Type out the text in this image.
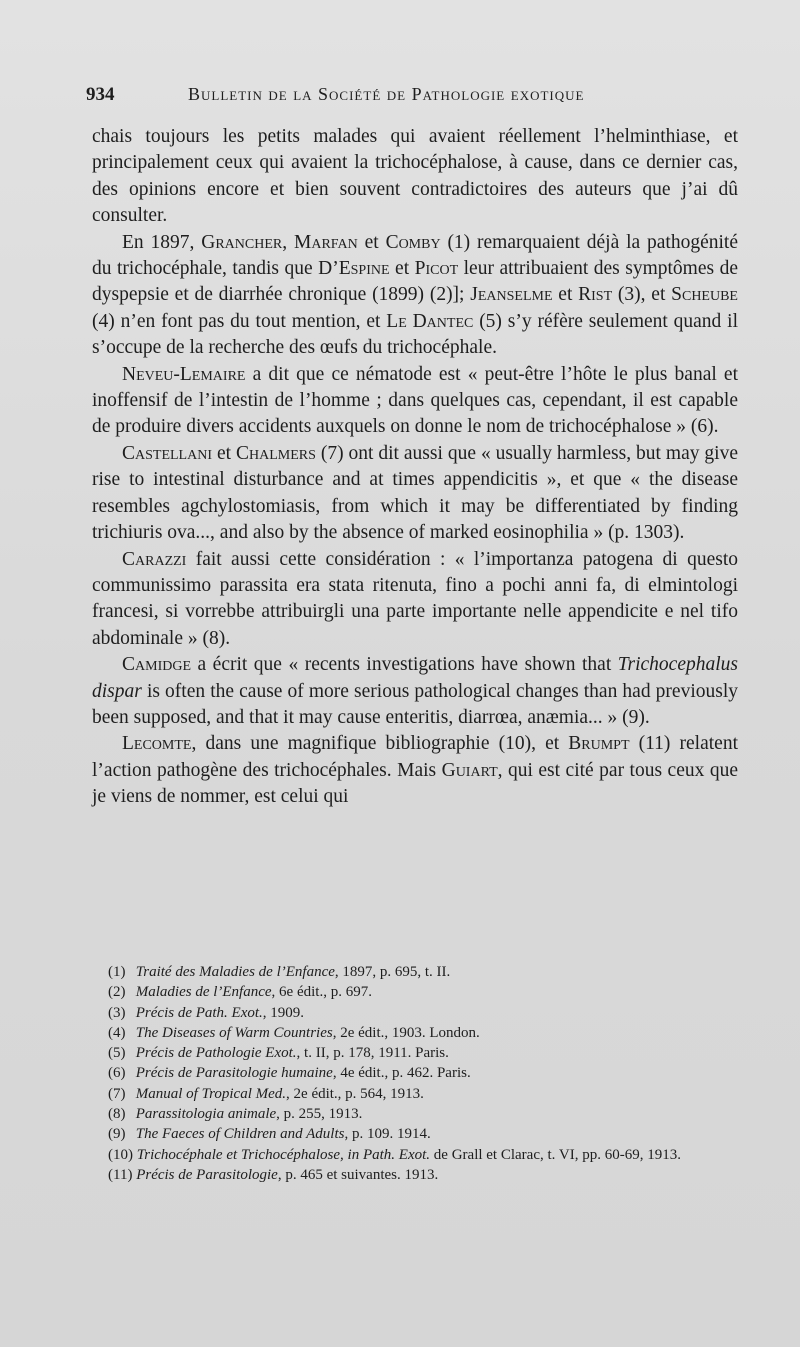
934	Bulletin de la Société de Pathologie exotique

chais toujours les petits malades qui avaient réellement l’helminthiase, et principalement ceux qui avaient la trichocéphalose, à cause, dans ce dernier cas, des opinions encore et bien souvent contradictoires des auteurs que j’ai dû consulter.

En 1897, Grancher, Marfan et Comby (1) remarquaient déjà la pathogénité du trichocéphale, tandis que D’Espine et Picot leur attribuaient des symptômes de dyspepsie et de diarrhée chronique (1899) (2)]; Jeanselme et Rist (3), et Scheube (4) n’en font pas du tout mention, et Le Dantec (5) s’y réfère seulement quand il s’occupe de la recherche des œufs du trichocéphale.

Neveu-Lemaire a dit que ce nématode est « peut-être l’hôte le plus banal et inoffensif de l’intestin de l’homme ; dans quelques cas, cependant, il est capable de produire divers accidents auxquels on donne le nom de trichocéphalose » (6).

Castellani et Chalmers (7) ont dit aussi que « usually harmless, but may give rise to intestinal disturbance and at times appendicitis », et que « the disease resembles agchylostomiasis, from which it may be differentiated by finding trichiuris ova..., and also by the absence of marked eosinophilia » (p. 1303).

Carazzi fait aussi cette considération : « l’importanza patogena di questo communissimo parassita era stata ritenuta, fino a pochi anni fa, di elmintologi francesi, si vorrebbe attribuirgli una parte importante nelle appendicite e nel tifo abdominale » (8).

Camidge a écrit que « recents investigations have shown that Trichocephalus dispar is often the cause of more serious pathological changes than had previously been supposed, and that it may cause enteritis, diarrœa, anæmia... » (9).

Lecomte, dans une magnifique bibliographie (10), et Brumpt (11) relatent l’action pathogène des trichocéphales. Mais Guiart, qui est cité par tous ceux que je viens de nommer, est celui qui

(1) Traité des Maladies de l’Enfance, 1897, p. 695, t. II.

(2) Maladies de l’Enfance, 6e édit., p. 697.

(3) Précis de Path. Exot., 1909.

(4) The Diseases of Warm Countries, 2e édit., 1903. London.

(5) Précis de Pathologie Exot., t. II, p. 178, 1911. Paris.

(6) Précis de Parasitologie humaine, 4e édit., p. 462. Paris.

(7) Manual of Tropical Med., 2e édit., p. 564, 1913.

(8) Parassitologia animale, p. 255, 1913.

(9) The Faeces of Children and Adults, p. 109. 1914.

(10) Trichocéphale et Trichocéphalose, in Path. Exot. de Grall et Clarac, t. VI, pp. 60-69, 1913.

(11) Précis de Parasitologie, p. 465 et suivantes. 1913.
